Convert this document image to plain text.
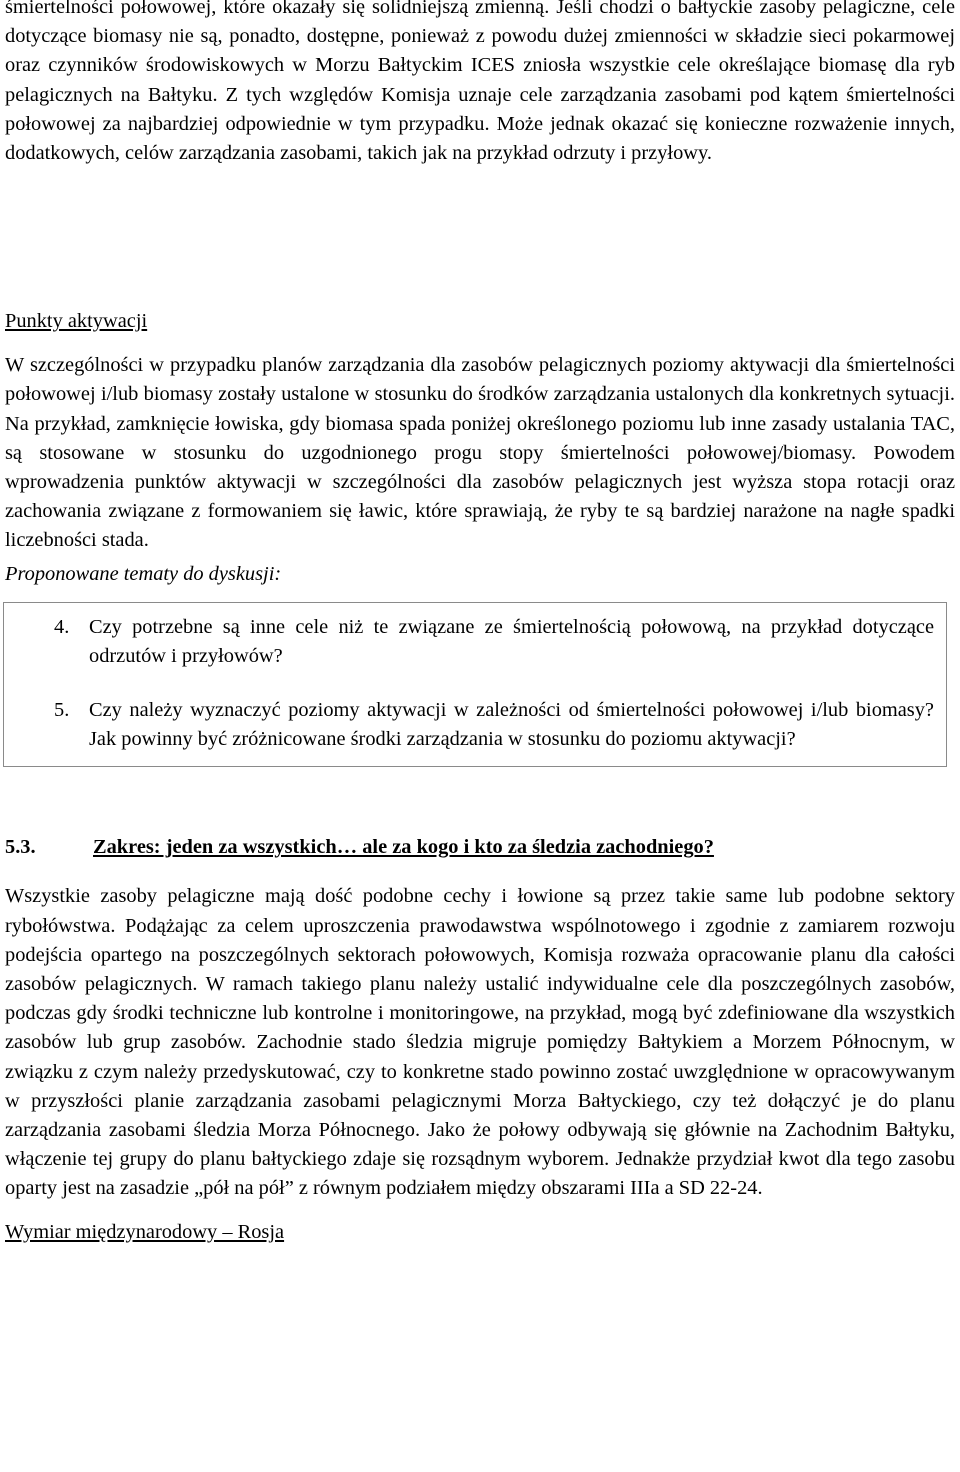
śmiertelności połowowej, które okazały się solidniejszą zmienną. Jeśli chodzi o bałtyckie zasoby pelagiczne, cele dotyczące biomasy nie są, ponadto, dostępne, ponieważ z powodu dużej zmienności w składzie sieci pokarmowej oraz czynników środowiskowych w Morzu Bałtyckim ICES zniosła wszystkie cele określające biomasę dla ryb pelagicznych na Bałtyku. Z tych względów Komisja uznaje cele zarządzania zasobami pod kątem śmiertelności połowowej za najbardziej odpowiednie w tym przypadku. Może jednak okazać się konieczne rozważenie innych, dodatkowych, celów zarządzania zasobami, takich jak na przykład odrzuty i przyłowy.

Punkty aktywacji

W szczególności w przypadku planów zarządzania dla zasobów pelagicznych poziomy aktywacji dla śmiertelności połowowej i/lub biomasy zostały ustalone w stosunku do środków zarządzania ustalonych dla konkretnych sytuacji. Na przykład, zamknięcie łowiska, gdy biomasa spada poniżej określonego poziomu lub inne zasady ustalania TAC, są stosowane w stosunku do uzgodnionego progu stopy śmiertelności połowowej/biomasy. Powodem wprowadzenia punktów aktywacji w szczególności dla zasobów pelagicznych jest wyższa stopa rotacji oraz zachowania związane z formowaniem się ławic, które sprawiają, że ryby te są bardziej narażone na nagłe spadki liczebności stada.

Proponowane tematy do dyskusji:

4. Czy potrzebne są inne cele niż te związane ze śmiertelnością połowową, na przykład dotyczące odrzutów i przyłowów?
5. Czy należy wyznaczyć poziomy aktywacji w zależności od śmiertelności połowowej i/lub biomasy? Jak powinny być zróżnicowane środki zarządzania w stosunku do poziomu aktywacji?
5.3.	Zakres: jeden za wszystkich… ale za kogo i kto za śledzia zachodniego?

Wszystkie zasoby pelagiczne mają dość podobne cechy i łowione są przez takie same lub podobne sektory rybołówstwa. Podążając za celem uproszczenia prawodawstwa wspólnotowego i zgodnie z zamiarem rozwoju podejścia opartego na poszczególnych sektorach połowowych, Komisja rozważa opracowanie planu dla całości zasobów pelagicznych. W ramach takiego planu należy ustalić indywidualne cele dla poszczególnych zasobów, podczas gdy środki techniczne lub kontrolne i monitoringowe, na przykład, mogą być zdefiniowane dla wszystkich zasobów lub grup zasobów. Zachodnie stado śledzia migruje pomiędzy Bałtykiem a Morzem Północnym, w związku z czym należy przedyskutować, czy to konkretne stado powinno zostać uwzględnione w opracowywanym w przyszłości planie zarządzania zasobami pelagicznymi Morza Bałtyckiego, czy też dołączyć je do planu zarządzania zasobami śledzia Morza Północnego. Jako że połowy odbywają się głównie na Zachodnim Bałtyku, włączenie tej grupy do planu bałtyckiego zdaje się rozsądnym wyborem. Jednakże przydział kwot dla tego zasobu oparty jest na zasadzie „pół na pół” z równym podziałem między obszarami IIIa a SD 22-24.

Wymiar międzynarodowy – Rosja
